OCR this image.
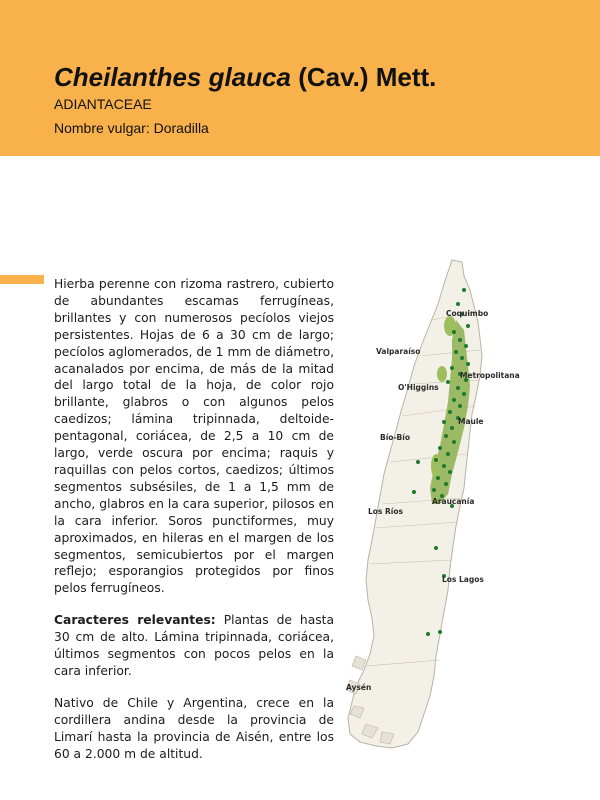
Cheilanthes glauca (Cav.) Mett.
ADIANTACEAE
Nombre vulgar: Doradilla

Hierba perenne con rizoma rastrero, cubierto de abundantes escamas ferrugíneas, brillantes y con numerosos pecíolos viejos persistentes. Hojas de 6 a 30 cm de largo; pecíolos aglomerados, de 1 mm de diámetro, acanalados por encima, de más de la mitad del largo total de la hoja, de color rojo brillante, glabros o con algunos pelos caedizos; lámina tripinnada, deltoide-pentagonal, coriácea, de 2,5 a 10 cm de largo, verde oscura por encima; raquis y raquillas con pelos cortos, caedizos; últimos segmentos subsésiles, de 1 a 1,5 mm de ancho, glabros en la cara superior, pilosos en la cara inferior. Soros punctiformes, muy aproximados, en hileras en el margen de los segmentos, semicubiertos por el margen reflejo; esporangios protegidos por finos pelos ferrugíneos.

Caracteres relevantes: Plantas de hasta 30 cm de alto. Lámina tripinnada, coriácea, últimos segmentos con pocos pelos en la cara inferior.

Nativo de Chile y Argentina, crece en la cordillera andina desde la provincia de Limarí hasta la provincia de Aisén, entre los 60 a 2.000 m de altitud.

Coquimbo
Valparaíso
Metropolitana
O'Higgins
Maule
Bío-Bío
Araucanía
Los Ríos
Los Lagos
Aysén
